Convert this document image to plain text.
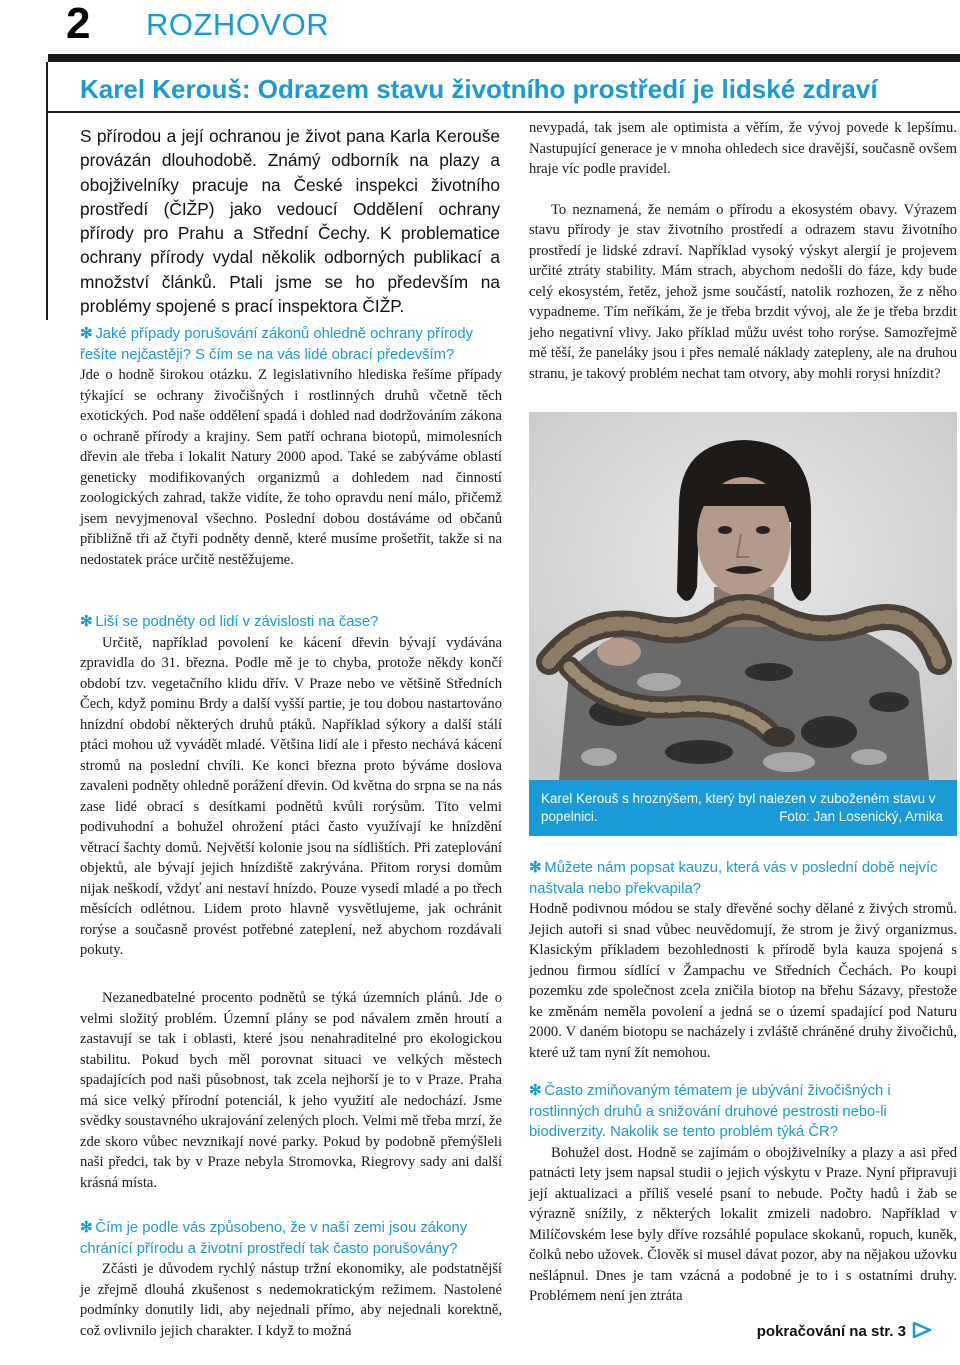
2 ROZHOVOR
Karel Kerouš: Odrazem stavu životního prostředí je lidské zdraví
S přírodou a její ochranou je život pana Karla Kerouše provázán dlouhodobě. Známý odborník na plazy a obojživelníky pracuje na České inspekci životního prostředí (ČIŽP) jako vedoucí Oddělení ochrany přírody pro Prahu a Střední Čechy. K problematice ochrany přírody vydal několik odborných publikací a množství článků. Ptali jsme se ho především na problémy spojené s prací inspektora ČIŽP.

✻ Jaké případy porušování zákonů ohledně ochrany přírody řešíte nejčastěji? S čím se na vás lidé obrací především?

Jde o hodně širokou otázku. Z legislativního hlediska řešíme případy týkající se ochrany živočišných i rostlinných druhů včetně těch exotických. Pod naše oddělení spadá i dohled nad dodržováním zákona o ochraně přírody a krajiny. Sem patří ochrana biotopů, mimolesních dřevin ale třeba i lokalit Natury 2000 apod. Také se zabýváme oblastí geneticky modifikovaných organizmů a dohledem nad činností zoologických zahrad, takže vidíte, že toho opravdu není málo, přičemž jsem nevyjmenoval všechno. Poslední dobou dostáváme od občanů přibližně tři až čtyři podněty denně, které musíme prošetřit, takže si na nedostatek práce určitě nestěžujeme.

✻ Liší se podněty od lidí v závislosti na čase?

Určitě, například povolení ke kácení dřevin bývají vydávána zpravidla do 31. března. Podle mě je to chyba, protože někdy končí období tzv. vegetačního klidu dřív. V Praze nebo ve většině Středních Čech, když pominu Brdy a další vyšší partie, je tou dobou nastartováno hnízdní období některých druhů ptáků. Například sýkory a další stálí ptáci mohou už vyvádět mladé. Většina lidí ale i přesto nechává kácení stromů na poslední chvíli. Ke konci března proto býváme doslova zavaleni podněty ohledně porážení dřevin. Od května do srpna se na nás zase lidé obrací s desítkami podnětů kvůli rorýsům. Tito velmi podivuhodní a bohužel ohrožení ptáci často využívají ke hnízdění větrací šachty domů. Největší kolonie jsou na sídlištích. Při zateplování objektů, ale bývají jejich hnízdiště zakrývána. Přitom rorysi domům nijak neškodí, vždyť ani nestaví hnízdo. Pouze vysedí mladé a po třech měsících odlétnou. Lidem proto hlavně vysvětlujeme, jak ochránit rorýse a současně provést potřebné zateplení, než abychom rozdávali pokuty.

Nezanedbatelné procento podnětů se týká územních plánů. Jde o velmi složitý problém. Územní plány se pod návalem změn hroutí a zastavují se tak i oblasti, které jsou nenahraditelné pro ekologickou stabilitu. Pokud bych měl porovnat situaci ve velkých městech spadajících pod naši působnost, tak zcela nejhorší je to v Praze. Praha má sice velký přírodní potenciál, k jeho využití ale nedochází. Jsme svědky soustavného ukrajování zelených ploch. Velmi mě třeba mrzí, že zde skoro vůbec nevznikají nové parky. Pokud by podobně přemýšleli naši předci, tak by v Praze nebyla Stromovka, Riegrovy sady ani další krásná místa.

✻ Čím je podle vás způsobeno, že v naší zemi jsou zákony chránící přírodu a životní prostředí tak často porušovány?

Zčásti je důvodem rychlý nástup tržní ekonomiky, ale podstatnější je zřejmě dlouhá zkušenost s nedemokratickým režimem. Nastolené podmínky donutily lidi, aby nejednali přímo, aby nejednali korektně, což ovlivnilo jejich charakter. I když to možná

nevypadá, tak jsem ale optimista a věřím, že vývoj povede k lepšímu. Nastupující generace je v mnoha ohledech sice dravější, současně ovšem hraje víc podle pravidel.

To neznamená, že nemám o přírodu a ekosystém obavy. Výrazem stavu přírody je stav životního prostředí a odrazem stavu životního prostředí je lidské zdraví. Například vysoký výskyt alergií je projevem určité ztráty stability. Mám strach, abychom nedošli do fáze, kdy bude celý ekosystém, řetěz, jehož jsme součástí, natolik rozhozen, že z něho vypadneme. Tím neříkám, že je třeba brzdit vývoj, ale že je třeba brzdit jeho negativní vlivy. Jako příklad můžu uvést toho rorýse. Samozřejmě mě těší, že paneláky jsou i přes nemalé náklady zatepleny, ale na druhou stranu, je takový problém nechat tam otvory, aby mohli rorysi hnízdit?

Karel Kerouš s hroznýšem, který byl nalezen v zuboženém stavu v popelnici.	Foto: Jan Losenický, Arnika

✻ Můžete nám popsat kauzu, která vás v poslední době nejvíc naštvala nebo překvapila?

Hodně podivnou módou se staly dřevěné sochy dělané z živých stromů. Jejich autoři si snad vůbec neuvědomují, že strom je živý organizmus. Klasickým příkladem bezohlednosti k přírodě byla kauza spojená s jednou firmou sídlící v Žampachu ve Středních Čechách. Po koupi pozemku zde společnost zcela zničila biotop na břehu Sázavy, přestože ke změnám neměla povolení a jedná se o území spadající pod Naturu 2000. V daném biotopu se nacházely i zvláště chráněné druhy živočichů, které už tam nyní žít nemohou.

✻ Často zmiňovaným tématem je ubývání živočišných i rostlinných druhů a snižování druhové pestrosti nebo-li biodiverzity. Nakolik se tento problém týká ČR?

Bohužel dost. Hodně se zajímám o obojživelníky a plazy a asi před patnácti lety jsem napsal studii o jejich výskytu v Praze. Nyní připravuji její aktualizaci a příliš veselé psaní to nebude. Počty hadů i žab se výrazně snížily, z některých lokalit zmizeli nadobro. Například v Milíčovském lese byly dříve rozsáhlé populace skokanů, ropuch, kuněk, čolků nebo užovek. Člověk si musel dávat pozor, aby na nějakou užovku nešlápnul. Dnes je tam vzácná a podobné je to i s ostatními druhy. Problémem není jen ztráta

pokračování na str. 3
